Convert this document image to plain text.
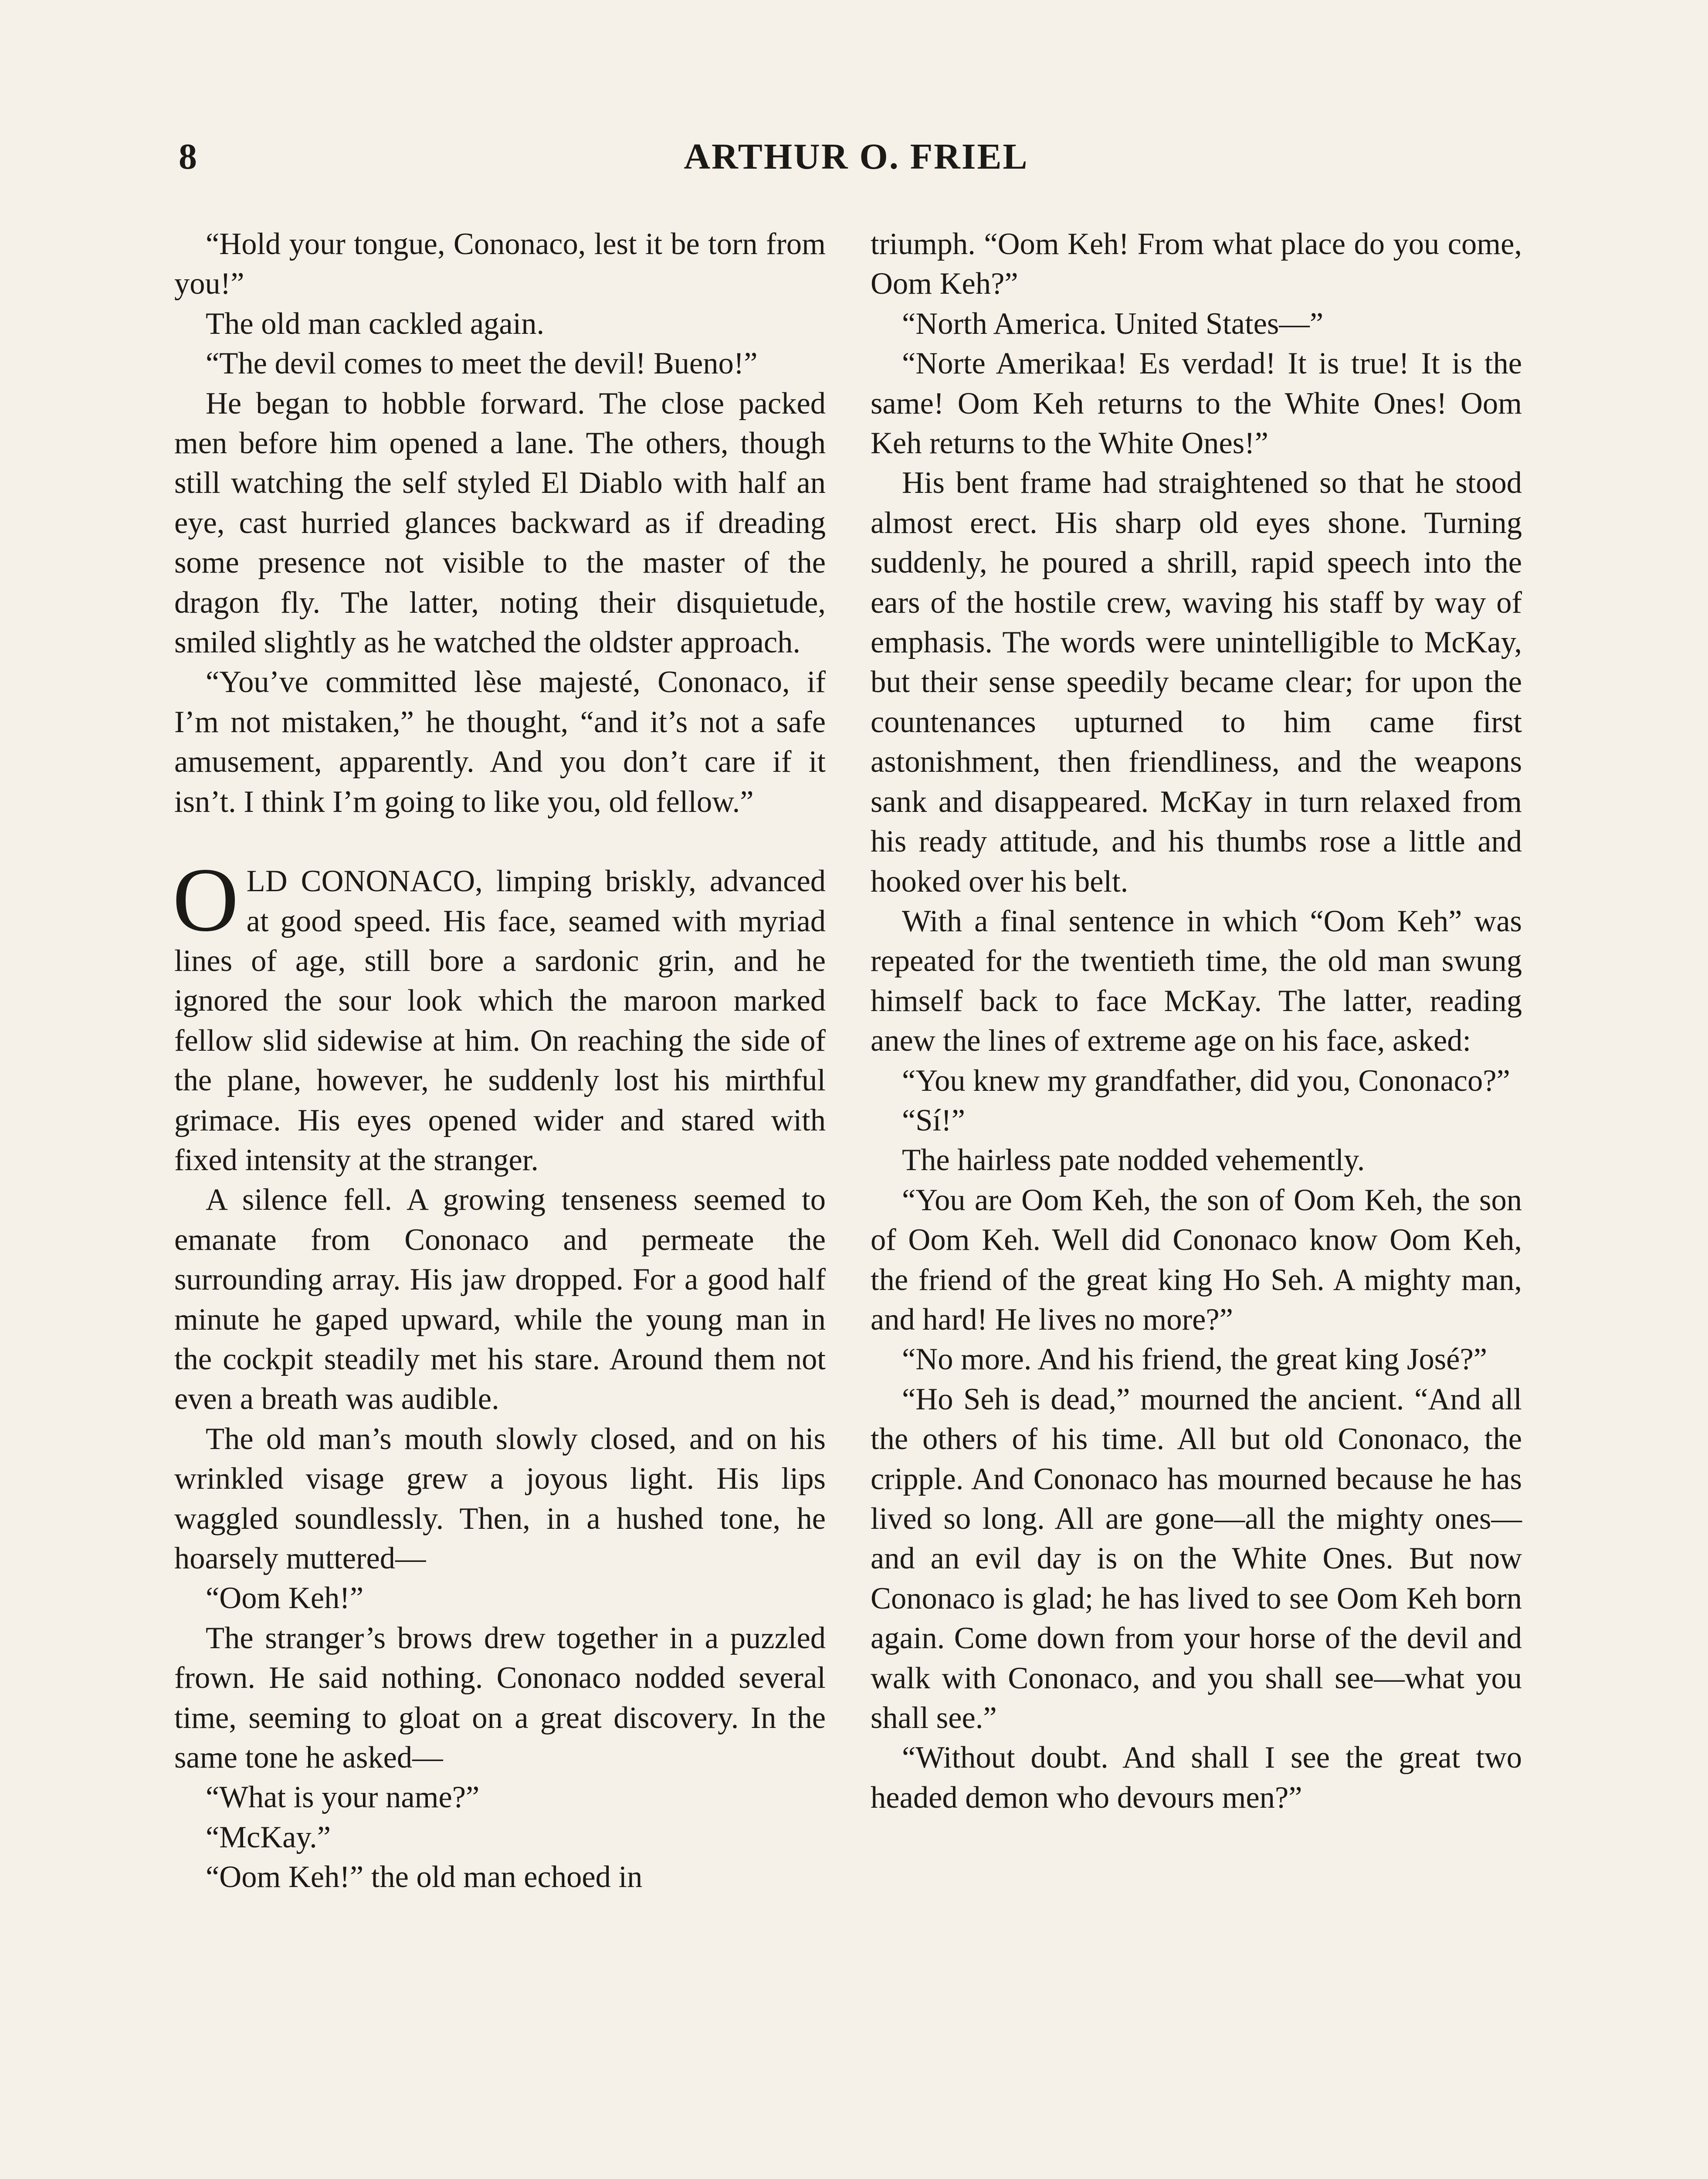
8	ARTHUR O. FRIEL

“Hold your tongue, Cononaco, lest it be torn from you!”

The old man cackled again.

“The devil comes to meet the devil! Bueno!”

He began to hobble forward. The close packed men before him opened a lane. The others, though still watching the self styled El Diablo with half an eye, cast hurried glances backward as if dreading some presence not visible to the master of the dragon fly. The latter, noting their disquietude, smiled slightly as he watched the oldster approach.

“You’ve committed lèse majesté, Cononaco, if I’m not mistaken,” he thought, “and it’s not a safe amusement, apparently. And you don’t care if it isn’t. I think I’m going to like you, old fellow.”

OLD CONONACO, limping briskly, advanced at good speed. His face, seamed with myriad lines of age, still bore a sardonic grin, and he ignored the sour look which the maroon marked fellow slid sidewise at him. On reaching the side of the plane, however, he suddenly lost his mirthful grimace. His eyes opened wider and stared with fixed intensity at the stranger.

A silence fell. A growing tenseness seemed to emanate from Cononaco and permeate the surrounding array. His jaw dropped. For a good half minute he gaped upward, while the young man in the cockpit steadily met his stare. Around them not even a breath was audible.

The old man’s mouth slowly closed, and on his wrinkled visage grew a joyous light. His lips waggled soundlessly. Then, in a hushed tone, he hoarsely muttered—

“Oom Keh!”

The stranger’s brows drew together in a puzzled frown. He said nothing. Cononaco nodded several time, seeming to gloat on a great discovery. In the same tone he asked—

“What is your name?”

“McKay.”

“Oom Keh!” the old man echoed in

triumph. “Oom Keh! From what place do you come, Oom Keh?”

“North America. United States—”

“Norte Amerikaa! Es verdad! It is true! It is the same! Oom Keh returns to the White Ones! Oom Keh returns to the White Ones!”

His bent frame had straightened so that he stood almost erect. His sharp old eyes shone. Turning suddenly, he poured a shrill, rapid speech into the ears of the hostile crew, waving his staff by way of emphasis. The words were unintelligible to McKay, but their sense speedily became clear; for upon the countenances upturned to him came first astonishment, then friendliness, and the weapons sank and disappeared. McKay in turn relaxed from his ready attitude, and his thumbs rose a little and hooked over his belt.

With a final sentence in which “Oom Keh” was repeated for the twentieth time, the old man swung himself back to face McKay. The latter, reading anew the lines of extreme age on his face, asked:

“You knew my grandfather, did you, Cononaco?”

“Sí!”

The hairless pate nodded vehemently.

“You are Oom Keh, the son of Oom Keh, the son of Oom Keh. Well did Cononaco know Oom Keh, the friend of the great king Ho Seh. A mighty man, and hard! He lives no more?”

“No more. And his friend, the great king José?”

“Ho Seh is dead,” mourned the ancient. “And all the others of his time. All but old Cononaco, the cripple. And Cononaco has mourned because he has lived so long. All are gone—all the mighty ones—and an evil day is on the White Ones. But now Cononaco is glad; he has lived to see Oom Keh born again. Come down from your horse of the devil and walk with Cononaco, and you shall see—what you shall see.”

“Without doubt. And shall I see the great two headed demon who devours men?”
